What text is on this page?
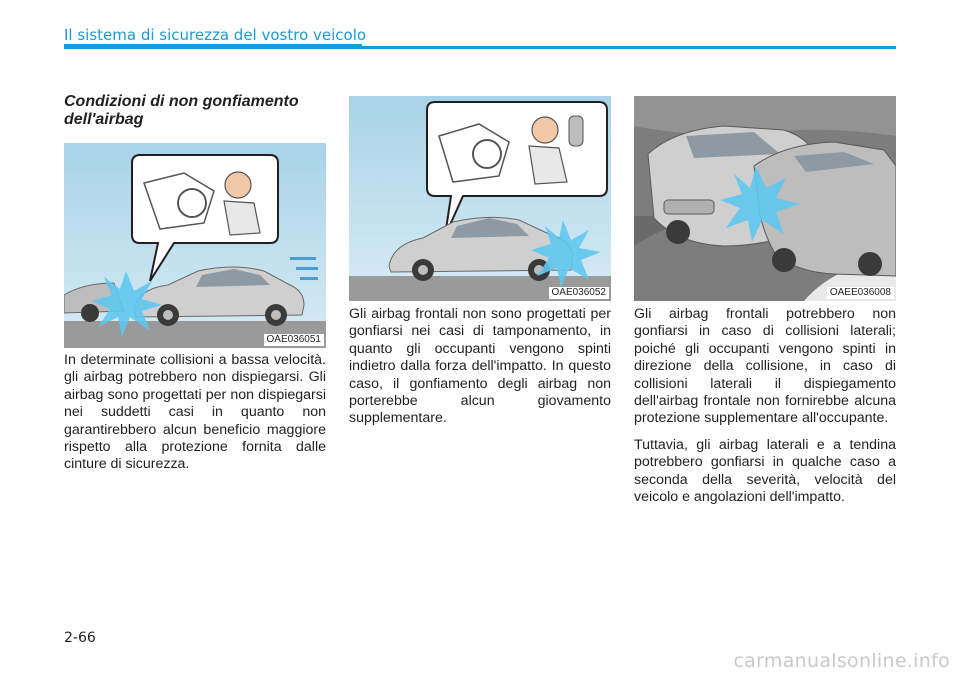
Il sistema di sicurezza del vostro veicolo
Condizioni di non gonfiamento dell'airbag
OAE036051
OAE036052	OAEE036008

In determinate collisioni a bassa velocità. gli airbag potrebbero non dispiegarsi. Gli airbag sono progettati per non dispiegarsi nei suddetti casi in quanto non garantirebbero alcun beneficio maggiore rispetto alla protezione fornita dalle cinture di sicurezza.

Gli airbag frontali non sono progettati per gonfiarsi nei casi di tamponamento, in quanto gli occupanti vengono spinti indietro dalla forza dell'impatto. In questo caso, il gonfiamento degli airbag non porterebbe alcun giovamento supplementare.

Gli airbag frontali potrebbero non gonfiarsi in caso di collisioni laterali; poiché gli occupanti vengono spinti in direzione della collisione, in caso di collisioni laterali il dispiegamento dell'airbag frontale non fornirebbe alcuna protezione supplementare all'occupante.

Tuttavia, gli airbag laterali e a tendina potrebbero gonfiarsi in qualche caso a seconda della severità, velocità del veicolo e angolazioni dell'impatto.

2-66
carmanualsonline.info
